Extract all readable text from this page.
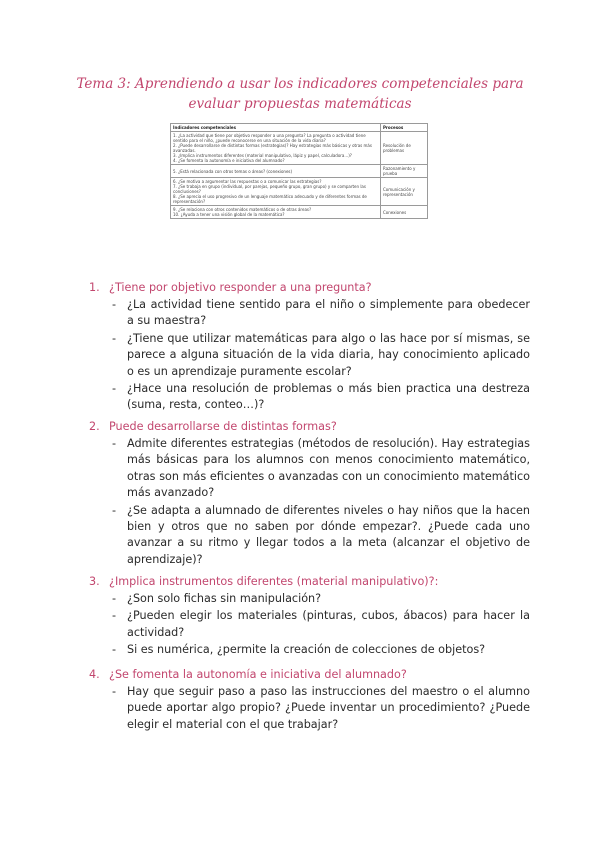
Tema 3: Aprendiendo a usar los indicadores competenciales para evaluar propuestas matemáticas
Indicadores competenciales	Procesos

1. ¿La actividad que tiene por objetivo responder a una pregunta? La pregunta o actividad tiene sentido para el niño, ¿puede reconocerse en una situación de la vida diaria?
2. ¿Puede desarrollarse de distintas formas (estrategias)? Hay estrategias más básicas y otras más avanzadas.
3. ¿Implica instrumentos diferentes (material manipulativo, lápiz y papel, calculadora...)?
4. ¿Se fomenta la autonomía e iniciativa del alumnado?	Resolución de problemas

5. ¿Está relacionada con otros temas o áreas? (conexiones)	Razonamiento y prueba

6. ¿Se motiva a argumentar las respuestas o a comunicar las estrategias?
7. ¿Se trabaja en grupo (individual, por parejas, pequeño grupo, gran grupo) y se comparten las conclusiones?
8. ¿Se aprecia el uso progresivo de un lenguaje matemático adecuado y de diferentes formas de representación?	Comunicación y representación

9. ¿Se relaciona con otros contenidos matemáticos o de otras áreas?
10. ¿Ayuda a tener una visión global de la matemática?	Conexiones
1. ¿Tiene por objetivo responder a una pregunta?
- ¿La actividad tiene sentido para el niño o simplemente para obedecer a su maestra?
- ¿Tiene que utilizar matemáticas para algo o las hace por sí mismas, se parece a alguna situación de la vida diaria, hay conocimiento aplicado o es un aprendizaje puramente escolar?
- ¿Hace una resolución de problemas o más bien practica una destreza (suma, resta, conteo…)?
2. Puede desarrollarse de distintas formas?
- Admite diferentes estrategias (métodos de resolución). Hay estrategias más básicas para los alumnos con menos conocimiento matemático, otras son más eficientes o avanzadas con un conocimiento matemático más avanzado?
- ¿Se adapta a alumnado de diferentes niveles o hay niños que la hacen bien y otros que no saben por dónde empezar?. ¿Puede cada uno avanzar a su ritmo y llegar todos a la meta (alcanzar el objetivo de aprendizaje)?
3. ¿Implica instrumentos diferentes (material manipulativo)?:
- ¿Son solo fichas sin manipulación?
- ¿Pueden elegir los materiales (pinturas, cubos, ábacos) para hacer la actividad?
- Si es numérica, ¿permite la creación de colecciones de objetos?
4. ¿Se fomenta la autonomía e iniciativa del alumnado?
- Hay que seguir paso a paso las instrucciones del maestro o el alumno puede aportar algo propio? ¿Puede inventar un procedimiento? ¿Puede elegir el material con el que trabajar?
